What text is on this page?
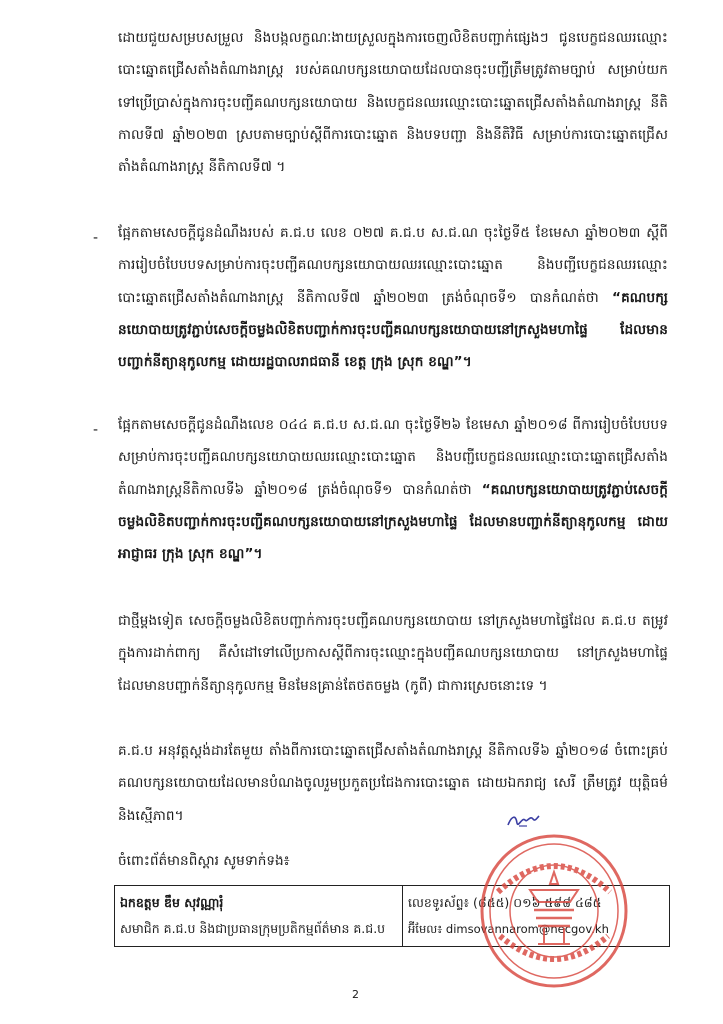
ដោយជួយសម្របសម្រួល និងបង្កលក្ខណៈងាយស្រួលក្នុងការចេញលិខិតបញ្ជាក់ផ្សេងៗ ជូនបេក្ខជនឈរឈ្មោះបោះឆ្នោតជ្រើសតាំងតំណាងរាស្ត្រ របស់គណបក្សនយោបាយដែលបានចុះបញ្ជីត្រឹមត្រូវតាមច្បាប់ សម្រាប់យកទៅប្រើប្រាស់ក្នុងការចុះបញ្ជីគណបក្សនយោបាយ និងបេក្ខជនឈរឈ្មោះបោះឆ្នោតជ្រើសតាំងតំណាងរាស្ត្រ នីតិកាលទី៧ ឆ្នាំ២០២៣ ស្របតាមច្បាប់ស្តីពីការបោះឆ្នោត និងបទបញ្ជា និងនីតិវិធី សម្រាប់ការបោះឆ្នោតជ្រើសតាំងតំណាងរាស្ត្រ នីតិកាលទី៧ ។

- ផ្អែកតាមសេចក្តីជូនដំណឹងរបស់ គ.ជ.ប លេខ ០២៧ គ.ជ.ប ស.ជ.ណ ចុះថ្ងៃទី៥ ខែមេសា ឆ្នាំ២០២៣ ស្តីពីការរៀបចំបែបបទសម្រាប់ការចុះបញ្ជីគណបក្សនយោបាយឈរឈ្មោះបោះឆ្នោត និងបញ្ជីបេក្ខជនឈរឈ្មោះបោះឆ្នោតជ្រើសតាំងតំណាងរាស្ត្រ នីតិកាលទី៧ ឆ្នាំ២០២៣ ត្រង់ចំណុចទី១ បានកំណត់ថា “គណបក្សនយោបាយត្រូវភ្ជាប់សេចក្តីចម្លងលិខិតបញ្ជាក់ការចុះបញ្ជីគណបក្សនយោបាយនៅក្រសួងមហាផ្ទៃ ដែលមានបញ្ជាក់នីត្យានុកូលកម្ម ដោយរដ្ឋបាលរាជធានី ខេត្ត ក្រុង ស្រុក ខណ្ឌ”។

- ផ្អែកតាមសេចក្តីជូនដំណឹងលេខ ០៤៤ គ.ជ.ប ស.ជ.ណ ចុះថ្ងៃទី២៦ ខែមេសា ឆ្នាំ២០១៨ ពីការរៀបចំបែបបទសម្រាប់ការចុះបញ្ជីគណបក្សនយោបាយឈរឈ្មោះបោះឆ្នោត និងបញ្ជីបេក្ខជនឈរឈ្មោះបោះឆ្នោតជ្រើសតាំងតំណាងរាស្ត្រនីតិកាលទី៦ ឆ្នាំ២០១៨ ត្រង់ចំណុចទី១ បានកំណត់ថា “គណបក្សនយោបាយត្រូវភ្ជាប់សេចក្តីចម្លងលិខិតបញ្ជាក់ការចុះបញ្ជីគណបក្សនយោបាយនៅក្រសួងមហាផ្ទៃ ដែលមានបញ្ជាក់នីត្យានុកូលកម្ម ដោយអាជ្ញាធរ ក្រុង ស្រុក ខណ្ឌ”។

ជាថ្មីម្តងទៀត សេចក្តីចម្លងលិខិតបញ្ជាក់ការចុះបញ្ជីគណបក្សនយោបាយ នៅក្រសួងមហាផ្ទៃដែល គ.ជ.ប តម្រូវក្នុងការដាក់ពាក្យ គឺសំដៅទៅលើប្រកាសស្តីពីការចុះឈ្មោះក្នុងបញ្ជីគណបក្សនយោបាយ នៅក្រសួងមហាផ្ទៃ ដែលមានបញ្ជាក់នីត្យានុកូលកម្ម មិនមែនគ្រាន់តែថតចម្លង (កូពី) ជាការស្រេចនោះទេ ។

គ.ជ.ប អនុវត្តស្តង់ដារតែមួយ តាំងពីការបោះឆ្នោតជ្រើសតាំងតំណាងរាស្ត្រ នីតិកាលទី៦ ឆ្នាំ២០១៨ ចំពោះគ្រប់គណបក្សនយោបាយដែលមានបំណងចូលរួមប្រកួតប្រជែងការបោះឆ្នោត ដោយឯករាជ្យ សេរី ត្រឹមត្រូវ យុត្តិធម៌ និងស្មើភាព។

ចំពោះព័ត៌មានពិស្តារ សូមទាក់ទង៖

ឯកឧត្តម ឌឹម សុវណ្ណារុំ
សមាជិក គ.ជ.ប និងជាប្រធានក្រុមប្រតិកម្មព័ត៌មាន គ.ជ.ប

លេខទូរស័ព្ទ៖ (៨៥៥) ០១៦ ៥៩៨ ៤៨៥
អ៊ីមែល៖ dimsovannarom@necgov.kh

2
